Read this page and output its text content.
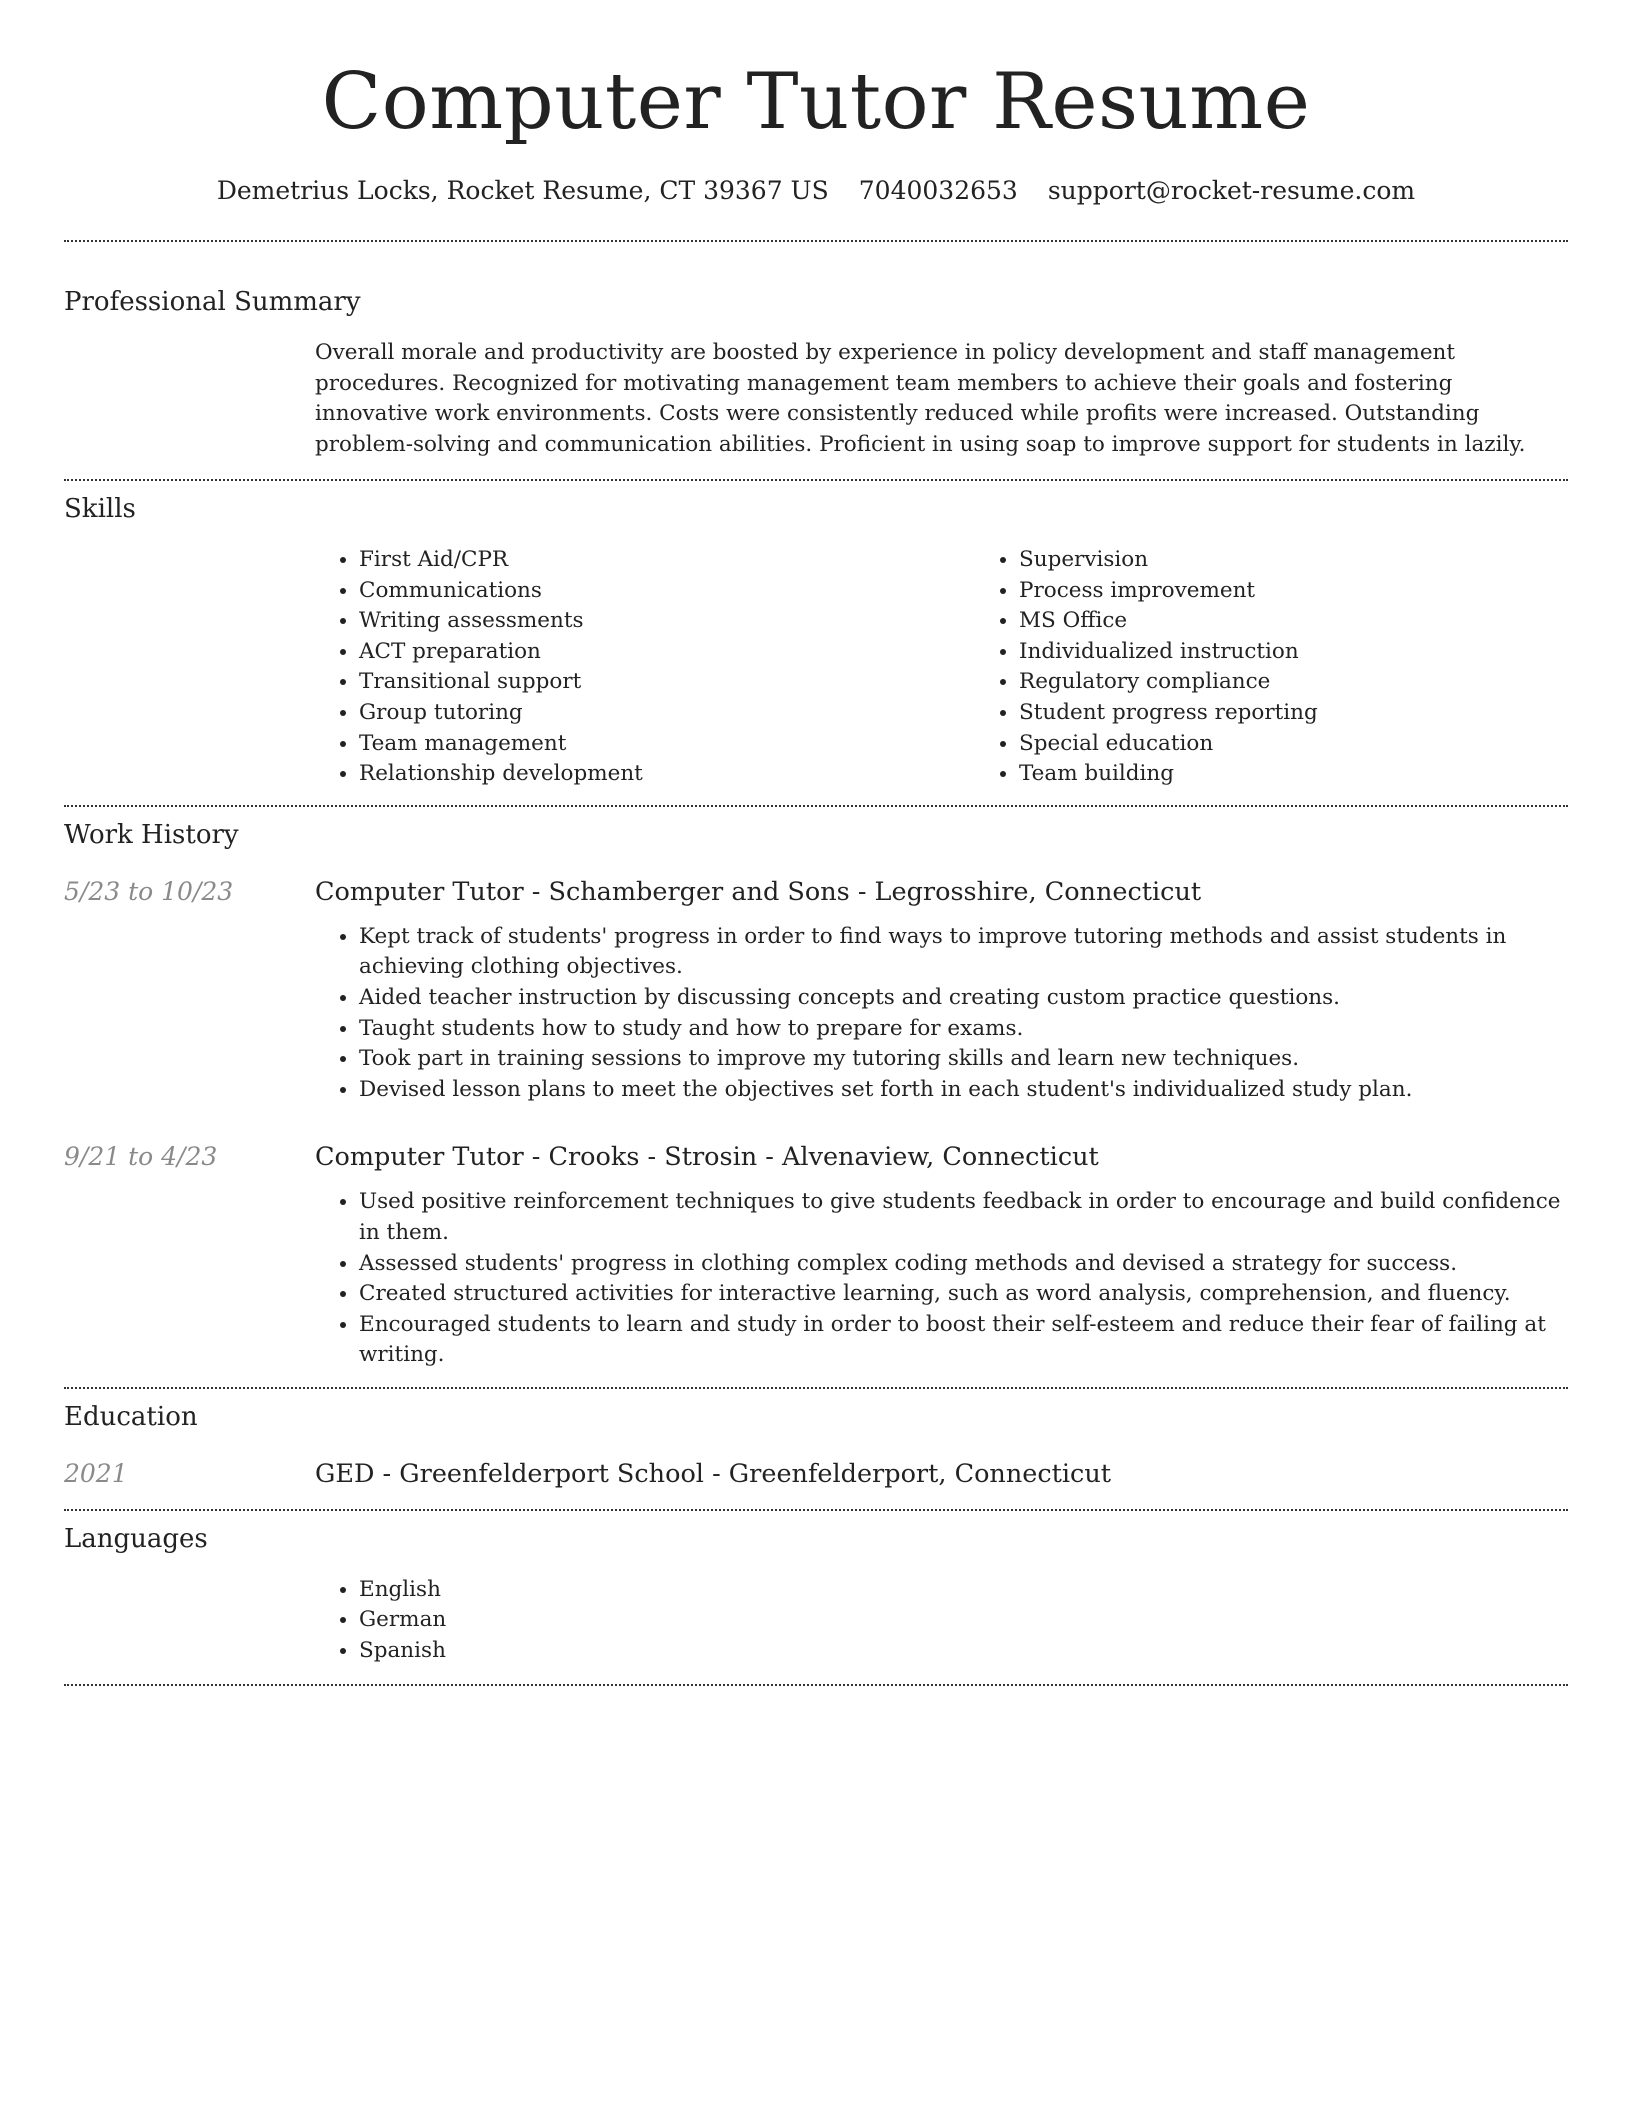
Computer Tutor Resume
Demetrius Locks, Rocket Resume, CT 39367 US 7040032653 support@rocket-resume.com
Professional Summary

Overall morale and productivity are boosted by experience in policy development and staff management procedures. Recognized for motivating management team members to achieve their goals and fostering innovative work environments. Costs were consistently reduced while profits were increased. Outstanding problem-solving and communication abilities. Proficient in using soap to improve support for students in lazily.

Skills
• First Aid/CPR
• Communications
• Writing assessments
• ACT preparation
• Transitional support
• Group tutoring
• Team management
• Relationship development
• Supervision
• Process improvement
• MS Office
• Individualized instruction
• Regulatory compliance
• Student progress reporting
• Special education
• Team building
Work History
5/23 to 10/23	Computer Tutor - Schamberger and Sons - Legrosshire, Connecticut
• Kept track of students' progress in order to find ways to improve tutoring methods and assist students in achieving clothing objectives.
• Aided teacher instruction by discussing concepts and creating custom practice questions.
• Taught students how to study and how to prepare for exams.
• Took part in training sessions to improve my tutoring skills and learn new techniques.
• Devised lesson plans to meet the objectives set forth in each student's individualized study plan.
9/21 to 4/23	Computer Tutor - Crooks - Strosin - Alvenaview, Connecticut
• Used positive reinforcement techniques to give students feedback in order to encourage and build confidence in them.
• Assessed students' progress in clothing complex coding methods and devised a strategy for success.
• Created structured activities for interactive learning, such as word analysis, comprehension, and fluency.
• Encouraged students to learn and study in order to boost their self-esteem and reduce their fear of failing at writing.
Education
2021	GED - Greenfelderport School - Greenfelderport, Connecticut
Languages
• English
• German
• Spanish
